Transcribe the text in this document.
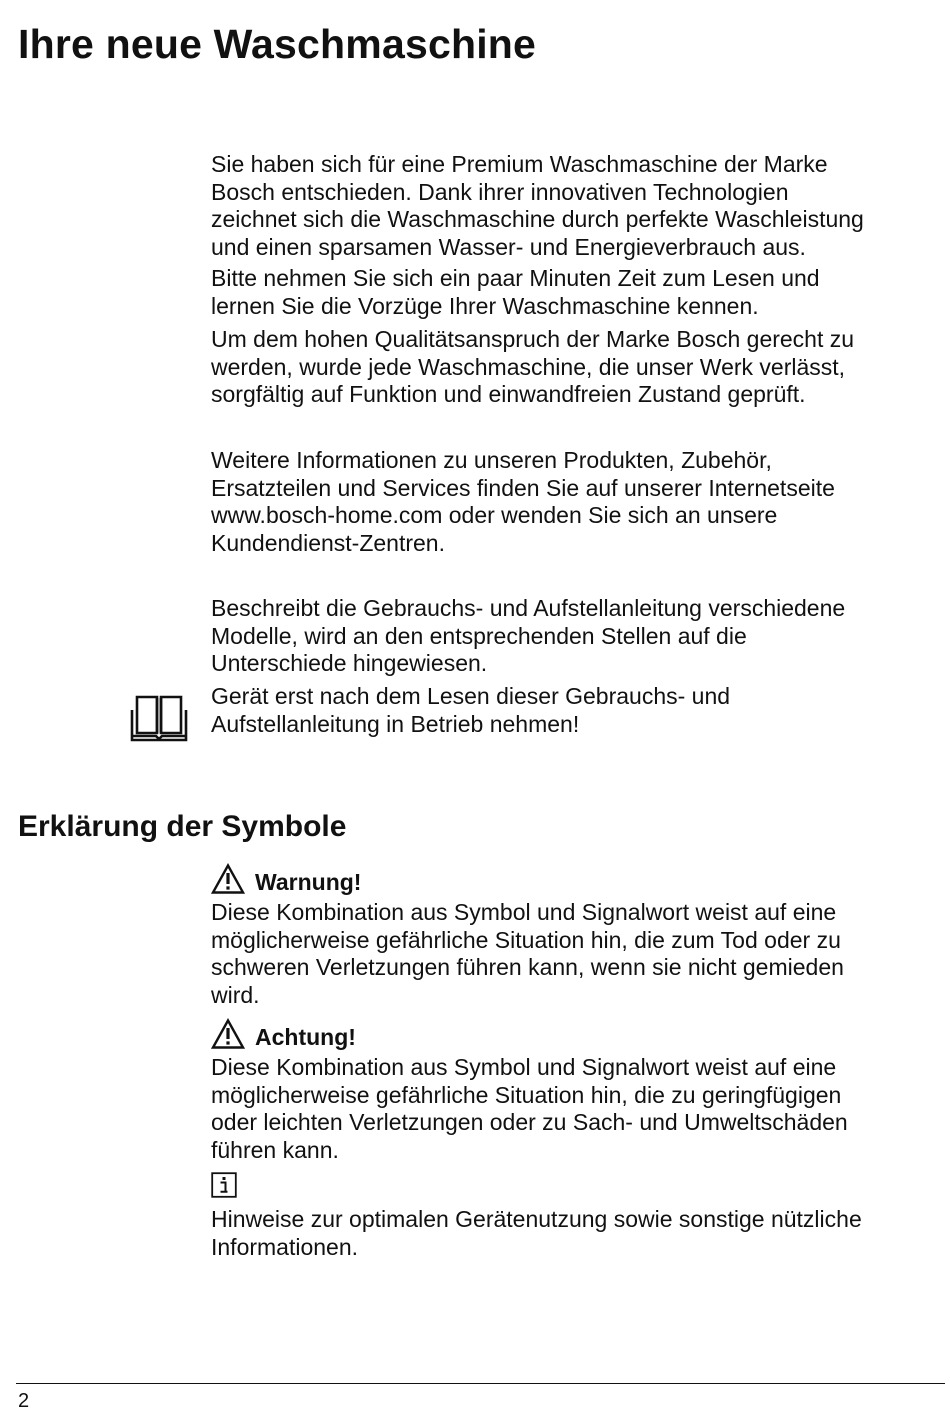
Ihre neue Waschmaschine

Sie haben sich für eine Premium Waschmaschine der Marke

Bosch entschieden. Dank ihrer innovativen Technologien

zeichnet sich die Waschmaschine durch perfekte Waschleistung

und einen sparsamen Wasser- und Energieverbrauch aus.

Bitte nehmen Sie sich ein paar Minuten Zeit zum Lesen und

lernen Sie die Vorzüge Ihrer Waschmaschine kennen.

Um dem hohen Qualitätsanspruch der Marke Bosch gerecht zu

werden, wurde jede Waschmaschine, die unser Werk verlässt,

sorgfältig auf Funktion und einwandfreien Zustand geprüft.

Weitere Informationen zu unseren Produkten, Zubehör,

Ersatzteilen und Services finden Sie auf unserer Internetseite

www.bosch-home.com oder wenden Sie sich an unsere

Kundendienst-Zentren.

Beschreibt die Gebrauchs- und Aufstellanleitung verschiedene

Modelle, wird an den entsprechenden Stellen auf die

Unterschiede hingewiesen.

Gerät erst nach dem Lesen dieser Gebrauchs- und

Aufstellanleitung in Betrieb nehmen!

Erklärung der Symbole
Warnung!

Diese Kombination aus Symbol und Signalwort weist auf eine

möglicherweise gefährliche Situation hin, die zum Tod oder zu

schweren Verletzungen führen kann, wenn sie nicht gemieden

wird.

Achtung!

Diese Kombination aus Symbol und Signalwort weist auf eine

möglicherweise gefährliche Situation hin, die zu geringfügigen

oder leichten Verletzungen oder zu Sach- und Umweltschäden

führen kann.

Hinweise zur optimalen Gerätenutzung sowie sonstige nützliche

Informationen.

2
